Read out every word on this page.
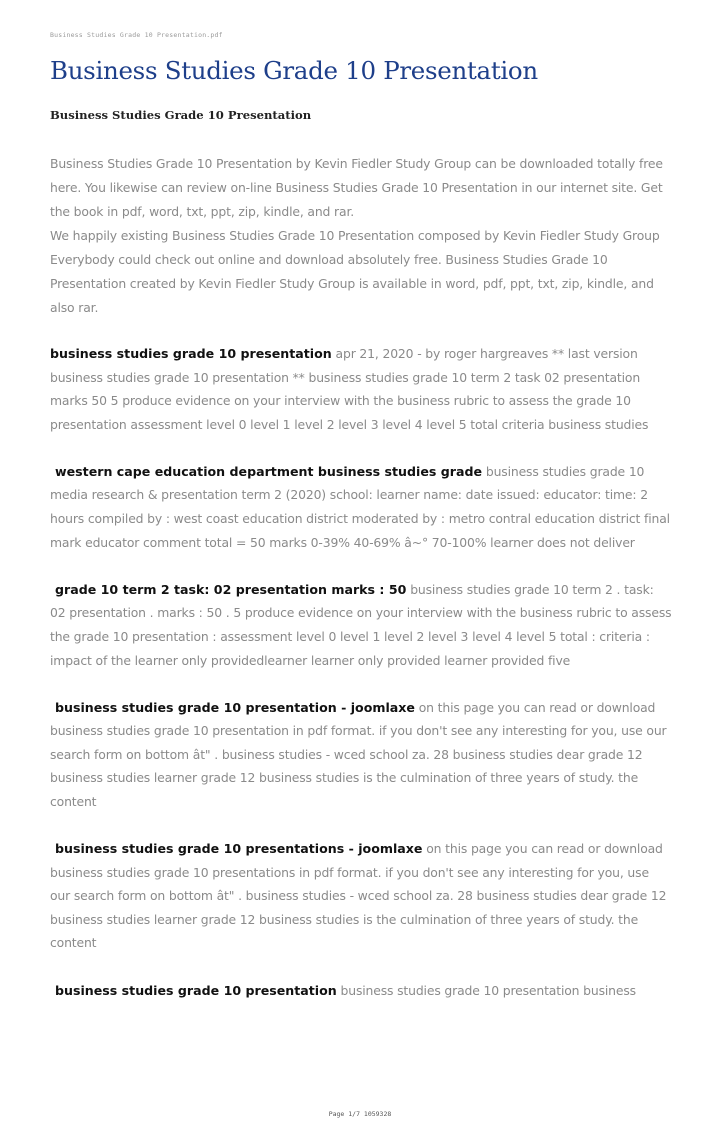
Business Studies Grade 10 Presentation.pdf
Business Studies Grade 10 Presentation
Business Studies Grade 10 Presentation

Business Studies Grade 10 Presentation by Kevin Fiedler Study Group can be downloaded totally free here. You likewise can review on-line Business Studies Grade 10 Presentation in our internet site. Get the book in pdf, word, txt, ppt, zip, kindle, and rar.

We happily existing Business Studies Grade 10 Presentation composed by Kevin Fiedler Study Group Everybody could check out online and download absolutely free. Business Studies Grade 10 Presentation created by Kevin Fiedler Study Group is available in word, pdf, ppt, txt, zip, kindle, and also rar.

business studies grade 10 presentation apr 21, 2020 - by roger hargreaves ** last version business studies grade 10 presentation ** business studies grade 10 term 2 task 02 presentation marks 50 5 produce evidence on your interview with the business rubric to assess the grade 10 presentation assessment level 0 level 1 level 2 level 3 level 4 level 5 total criteria business studies

western cape education department business studies grade business studies grade 10 media research & presentation term 2 (2020) school: learner name: date issued: educator: time: 2 hours compiled by : west coast education district moderated by : metro contral education district final mark educator comment total = 50 marks 0-39% 40-69% â~° 70-100% learner does not deliver

grade 10 term 2 task: 02 presentation marks : 50 business studies grade 10 term 2 . task: 02 presentation . marks : 50 . 5 produce evidence on your interview with the business rubric to assess the grade 10 presentation : assessment level 0 level 1 level 2 level 3 level 4 level 5 total : criteria : impact of the learner only providedlearner learner only provided learner provided five

business studies grade 10 presentation - joomlaxe on this page you can read or download business studies grade 10 presentation in pdf format. if you don't see any interesting for you, use our search form on bottom ât" . business studies - wced school za. 28 business studies dear grade 12 business studies learner grade 12 business studies is the culmination of three years of study. the content

business studies grade 10 presentations - joomlaxe on this page you can read or download business studies grade 10 presentations in pdf format. if you don't see any interesting for you, use our search form on bottom ât" . business studies - wced school za. 28 business studies dear grade 12 business studies learner grade 12 business studies is the culmination of three years of study. the content

business studies grade 10 presentation business studies grade 10 presentation business

Page 1/7 1059328
